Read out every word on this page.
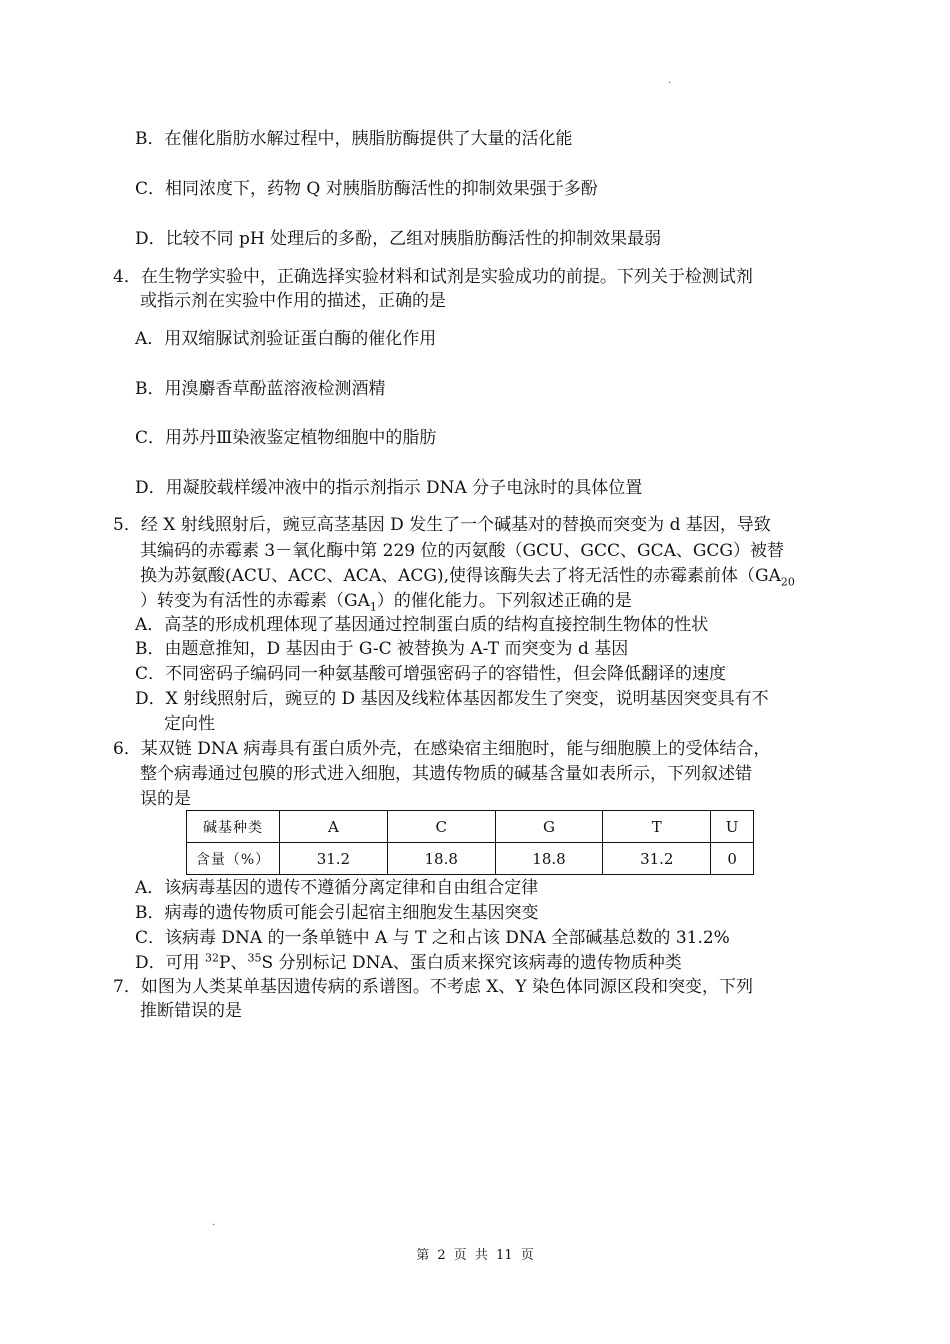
·
B．在催化脂肪水解过程中，胰脂肪酶提供了大量的活化能
C．相同浓度下，药物 Q 对胰脂肪酶活性的抑制效果强于多酚
D．比较不同 pH 处理后的多酚，乙组对胰脂肪酶活性的抑制效果最弱
4．在生物学实验中，正确选择实验材料和试剂是实验成功的前提。下列关于检测试剂
或指示剂在实验中作用的描述，正确的是
A．用双缩脲试剂验证蛋白酶的催化作用
B．用溴麝香草酚蓝溶液检测酒精
C．用苏丹Ⅲ染液鉴定植物细胞中的脂肪
D．用凝胶载样缓冲液中的指示剂指示 DNA 分子电泳时的具体位置
5．经 X 射线照射后，豌豆高茎基因 D 发生了一个碱基对的替换而突变为 d 基因，导致
其编码的赤霉素 3－氧化酶中第 229 位的丙氨酸（GCU、GCC、GCA、GCG）被替
换为苏氨酸(ACU、ACC、ACA、ACG),使得该酶失去了将无活性的赤霉素前体（$GA_{20}$
）转变为有活性的赤霉素$(GA_1)$的催化能力。下列叙述正确的是
A．高茎的形成机理体现了基因通过控制蛋白质的结构直接控制生物体的性状
B．由题意推知，D 基因由于 G-C 被替换为 A-T 而突变为 d 基因
C．不同密码子编码同一种氨基酸可增强密码子的容错性，但会降低翻译的速度
D．X 射线照射后，豌豆的 D 基因及线粒体基因都发生了突变，说明基因突变具有不
定向性
6．某双链 DNA 病毒具有蛋白质外壳，在感染宿主细胞时，能与细胞膜上的受体结合，
整个病毒通过包膜的形式进入细胞，其遗传物质的碱基含量如表所示，下列叙述错
误的是
碱基种类	A	C	G	T	U
含量（%）	31.2	18.8	18.8	31.2	0
A．该病毒基因的遗传不遵循分离定律和自由组合定律
B．病毒的遗传物质可能会引起宿主细胞发生基因突变
C．该病毒 DNA 的一条单链中 A 与 T 之和占该 DNA 全部碱基总数的 31.2%
D．可用 $^{32}$P、$^{35}$S 分别标记 DNA、蛋白质来探究该病毒的遗传物质种类
7．如图为人类某单基因遗传病的系谱图。不考虑 X、Y 染色体同源区段和突变，下列
推断错误的是
·
第 2 页 共 11 页
